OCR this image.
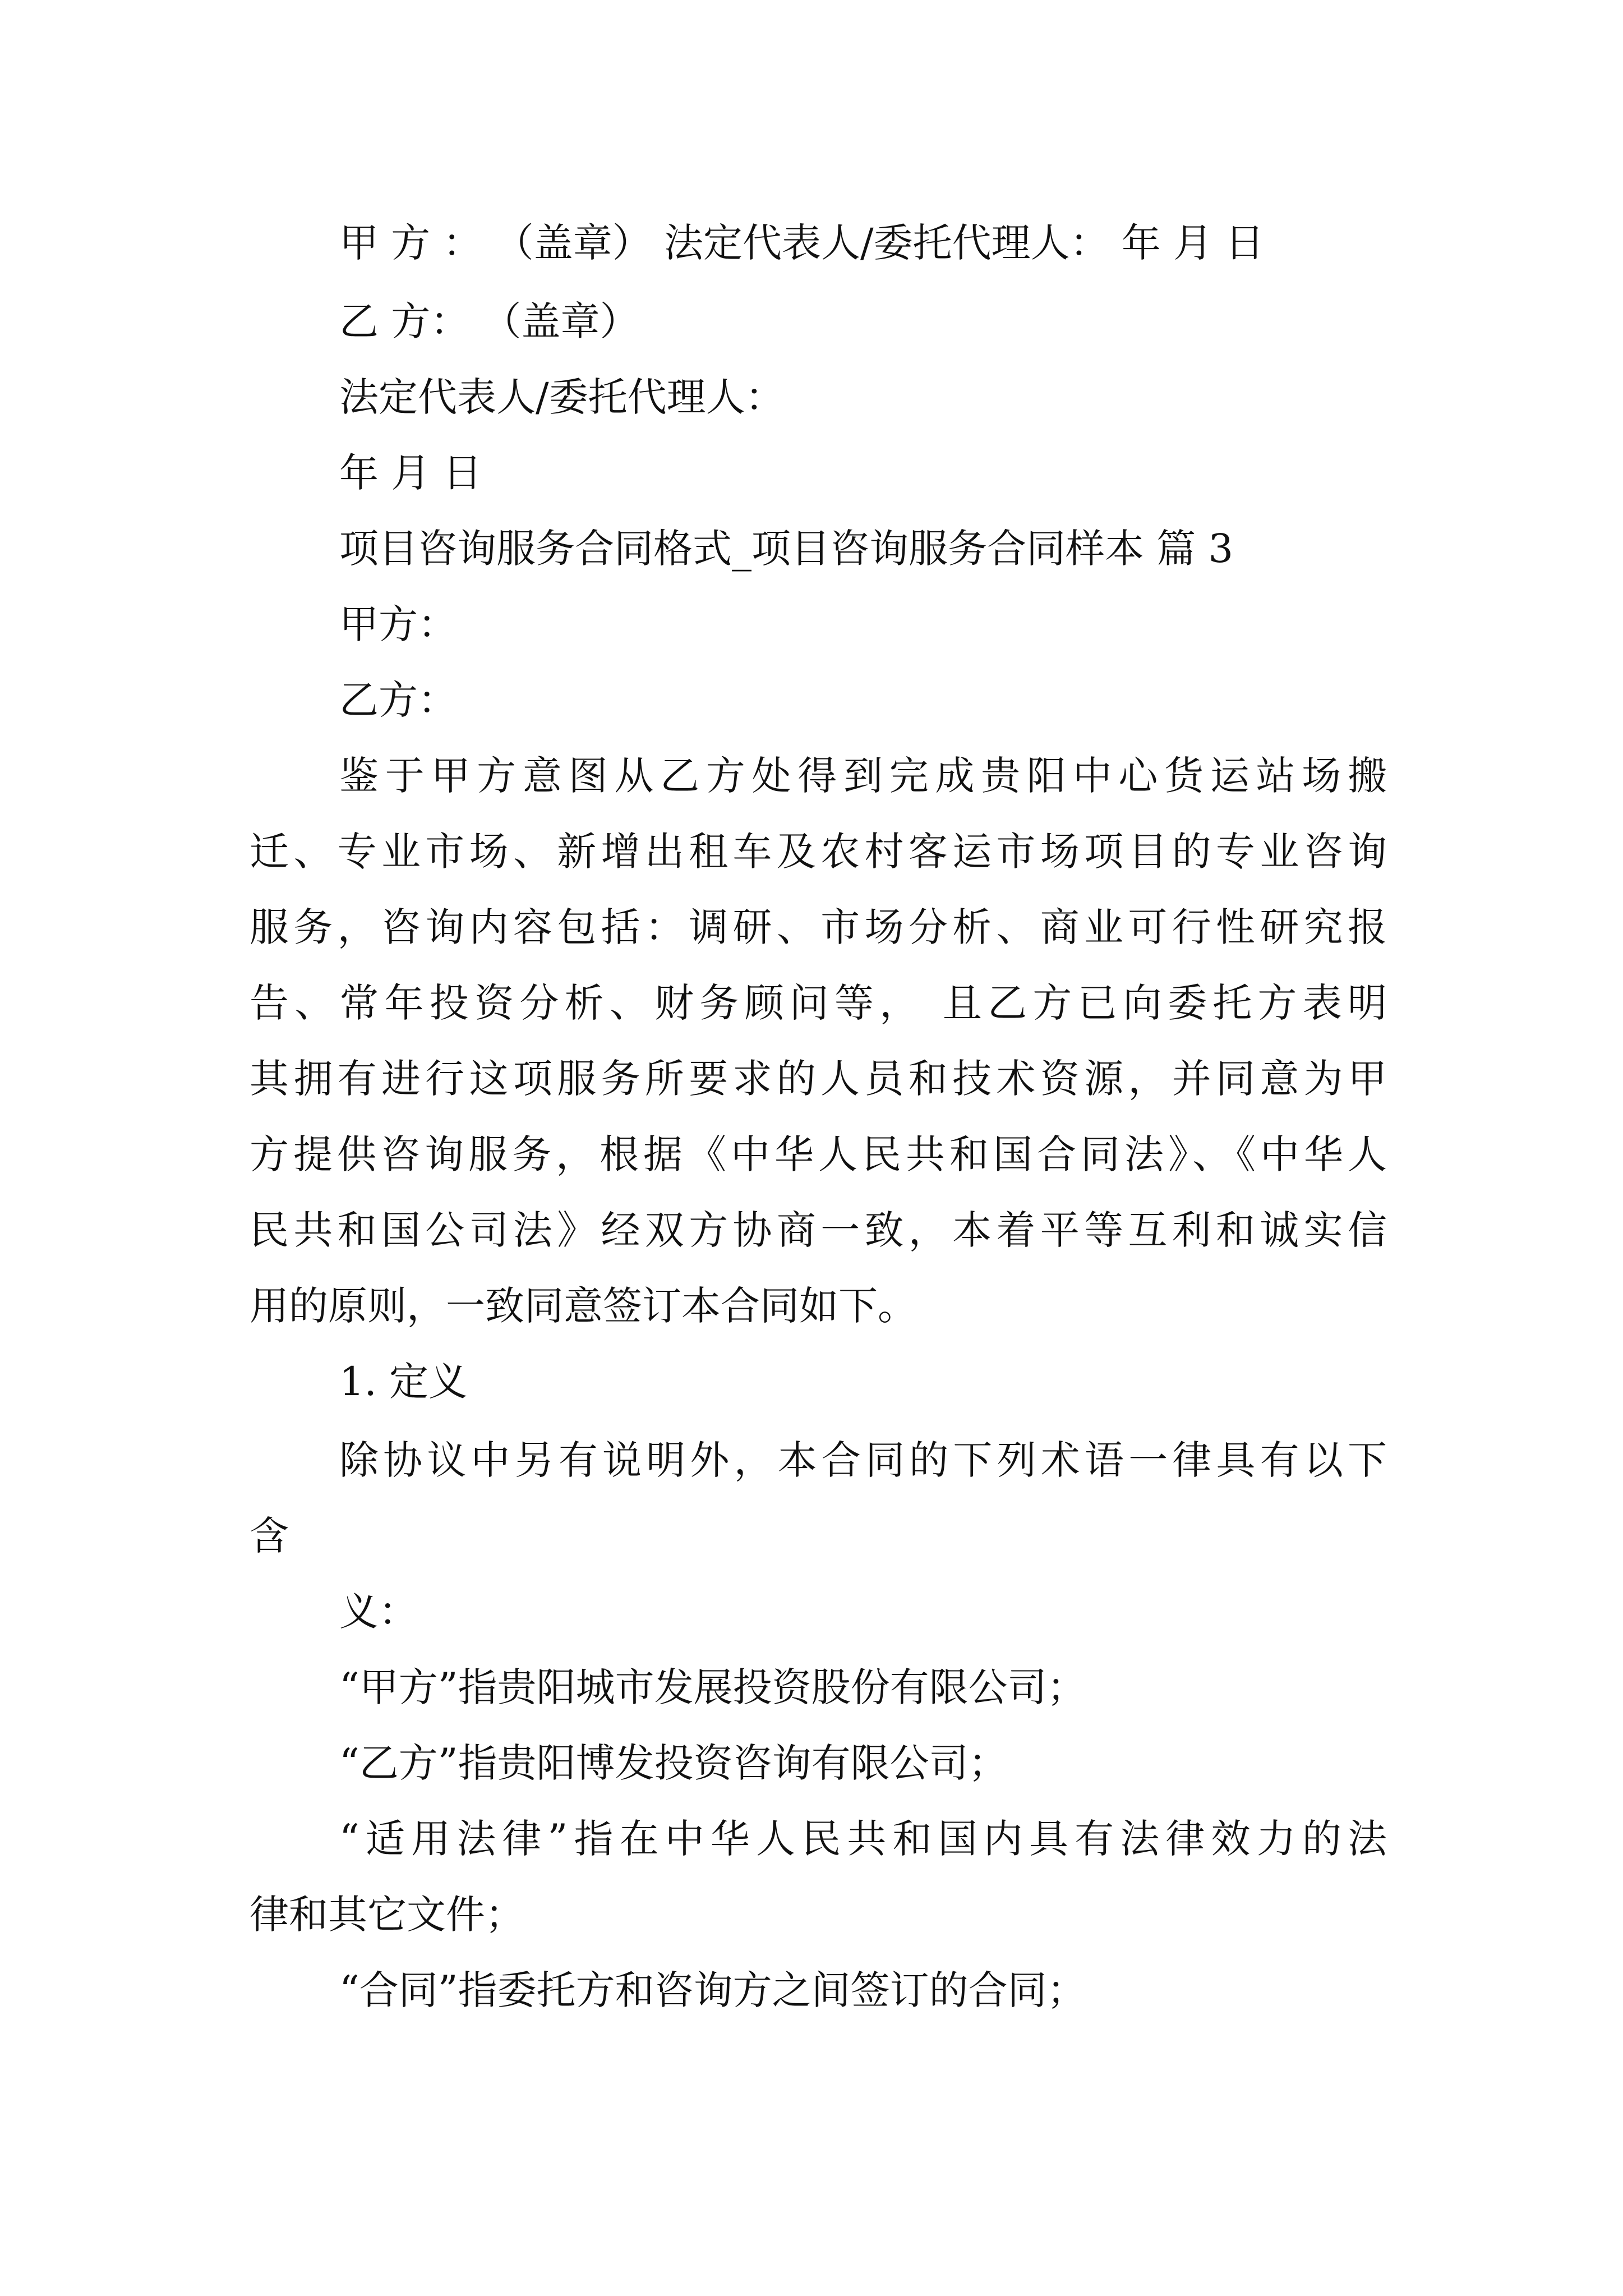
甲 方 ： （盖章） 法定代表人/委托代理人： 年 月 日
乙 方： （盖章）
法定代表人/委托代理人：
年 月 日
项目咨询服务合同格式_项目咨询服务合同样本 篇 3
甲方：
乙方：
鉴于甲方意图从乙方处得到完成贵阳中心货运站场搬
迁、专业市场、新增出租车及农村客运市场项目的专业咨询
服务，咨询内容包括：调研、市场分析、商业可行性研究报
告、常年投资分析、财务顾问等， 且乙方已向委托方表明
其拥有进行这项服务所要求的人员和技术资源，并同意为甲
方提供咨询服务，根据《中华人民共和国合同法》、《中华人
民共和国公司法》经双方协商一致，本着平等互利和诚实信
用的原则，一致同意签订本合同如下。
1. 定义
除协议中另有说明外，本合同的下列术语一律具有以下
含
义：
“甲方”指贵阳城市发展投资股份有限公司；
“乙方”指贵阳博发投资咨询有限公司；
“适用法律”指在中华人民共和国内具有法律效力的法
律和其它文件；
“合同”指委托方和咨询方之间签订的合同；
